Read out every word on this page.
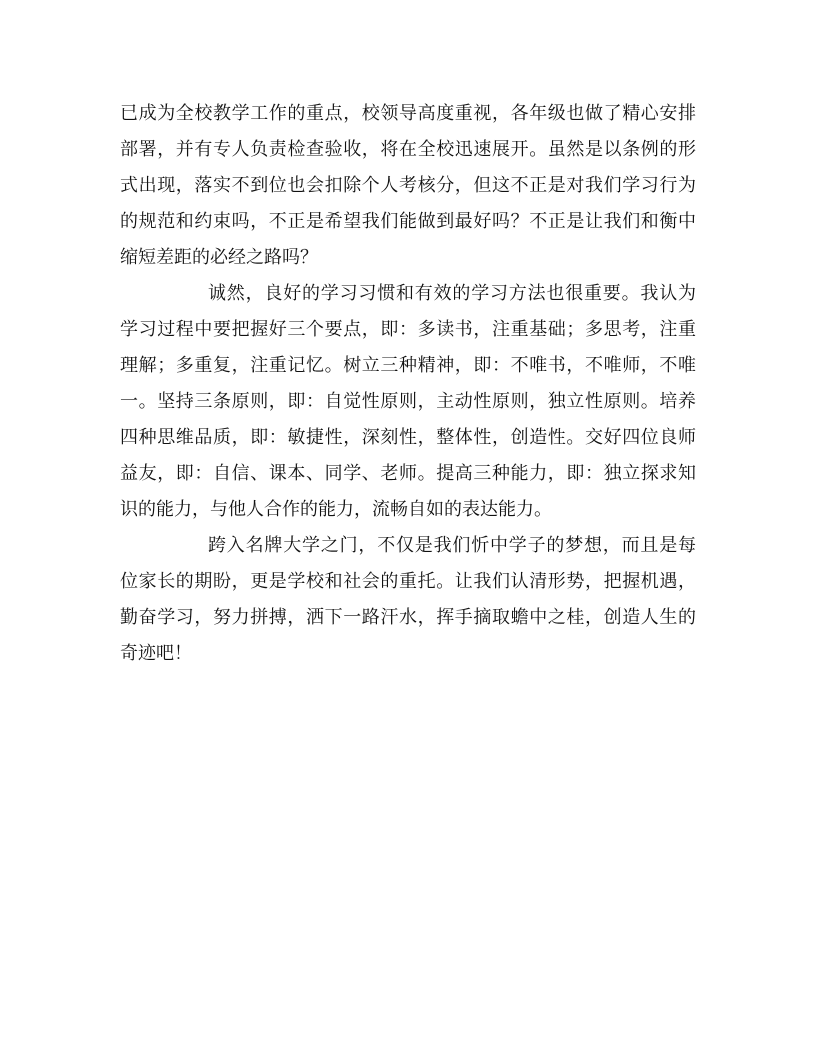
已成为全校教学工作的重点，校领导高度重视，各年级也做了精心安排
部署，并有专人负责检查验收，将在全校迅速展开。虽然是以条例的形
式出现，落实不到位也会扣除个人考核分，但这不正是对我们学习行为
的规范和约束吗，不正是希望我们能做到最好吗？不正是让我们和衡中
缩短差距的必经之路吗？
诚然，良好的学习习惯和有效的学习方法也很重要。我认为
学习过程中要把握好三个要点，即：多读书，注重基础；多思考，注重
理解；多重复，注重记忆。树立三种精神，即：不唯书，不唯师，不唯
一。坚持三条原则，即：自觉性原则，主动性原则，独立性原则。培养
四种思维品质，即：敏捷性，深刻性，整体性，创造性。交好四位良师
益友，即：自信、课本、同学、老师。提高三种能力，即：独立探求知
识的能力，与他人合作的能力，流畅自如的表达能力。
跨入名牌大学之门，不仅是我们忻中学子的梦想，而且是每
位家长的期盼，更是学校和社会的重托。让我们认清形势，把握机遇，
勤奋学习，努力拼搏，洒下一路汗水，挥手摘取蟾中之桂，创造人生的
奇迹吧！
